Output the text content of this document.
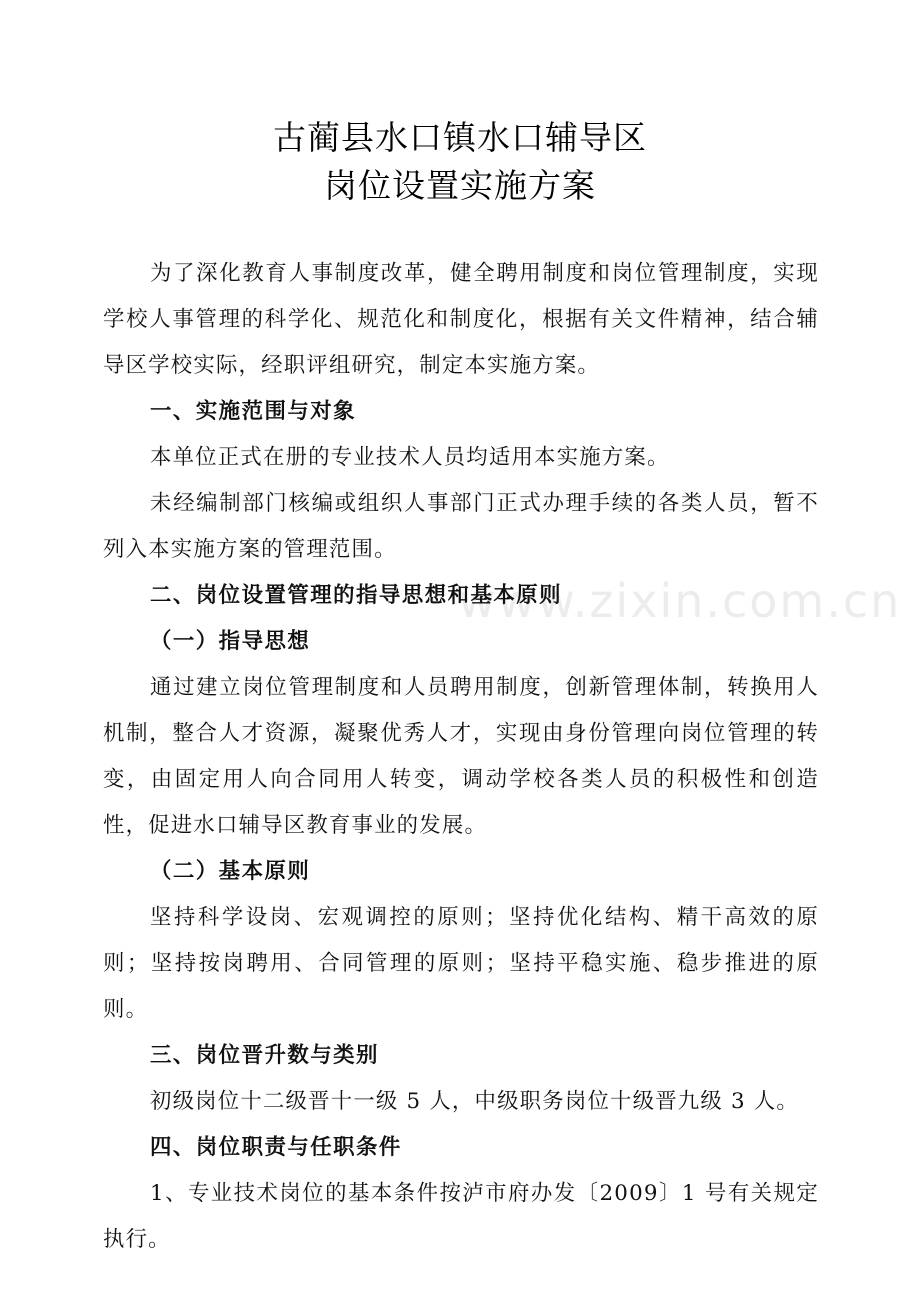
古蔺县水口镇水口辅导区
岗位设置实施方案
www.zixin.com.cn

为了深化教育人事制度改革，健全聘用制度和岗位管理制度，实现学校人事管理的科学化、规范化和制度化，根据有关文件精神，结合辅导区学校实际，经职评组研究，制定本实施方案。

一、实施范围与对象

本单位正式在册的专业技术人员均适用本实施方案。

未经编制部门核编或组织人事部门正式办理手续的各类人员，暂不列入本实施方案的管理范围。

二、岗位设置管理的指导思想和基本原则

（一）指导思想

通过建立岗位管理制度和人员聘用制度，创新管理体制，转换用人机制，整合人才资源，凝聚优秀人才，实现由身份管理向岗位管理的转变，由固定用人向合同用人转变，调动学校各类人员的积极性和创造性，促进水口辅导区教育事业的发展。

（二）基本原则

坚持科学设岗、宏观调控的原则；坚持优化结构、精干高效的原则；坚持按岗聘用、合同管理的原则；坚持平稳实施、稳步推进的原则。

三、岗位晋升数与类别

初级岗位十二级晋十一级 5 人，中级职务岗位十级晋九级 3 人。

四、岗位职责与任职条件

1、专业技术岗位的基本条件按泸市府办发〔2009〕1 号有关规定执行。
